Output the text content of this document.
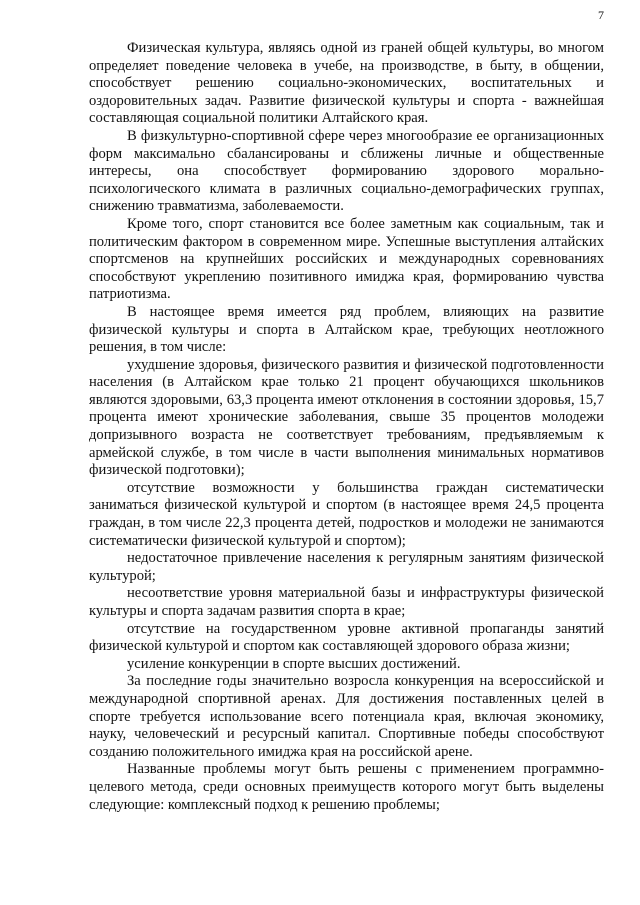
7

Физическая культура, являясь одной из граней общей культуры, во многом определяет поведение человека в учебе, на производстве, в быту, в общении, способствует решению социально-экономических, воспитательных и оздоровительных задач. Развитие физической культуры и спорта - важнейшая составляющая социальной политики Алтайского края.

В физкультурно-спортивной сфере через многообразие ее организационных форм максимально сбалансированы и сближены личные и общественные интересы, она способствует формированию здорового морально-психологического климата в различных социально-демографических группах, снижению травматизма, заболеваемости.

Кроме того, спорт становится все более заметным как социальным, так и политическим фактором в современном мире. Успешные выступления алтайских спортсменов на крупнейших российских и международных соревнованиях способствуют укреплению позитивного имиджа края, формированию чувства патриотизма.

В настоящее время имеется ряд проблем, влияющих на развитие физической культуры и спорта в Алтайском крае, требующих неотложного решения, в том числе:

ухудшение здоровья, физического развития и физической подготовленности населения (в Алтайском крае только 21 процент обучающихся школьников являются здоровыми, 63,3 процента имеют отклонения в состоянии здоровья, 15,7 процента имеют хронические заболевания, свыше 35 процентов молодежи допризывного возраста не соответствует требованиям, предъявляемым к армейской службе, в том числе в части выполнения минимальных нормативов физической подготовки);

отсутствие возможности у большинства граждан систематически заниматься физической культурой и спортом (в настоящее время 24,5 процента граждан, в том числе 22,3 процента детей, подростков и молодежи не занимаются систематически физической культурой и спортом);

недостаточное привлечение населения к регулярным занятиям физической культурой;

несоответствие уровня материальной базы и инфраструктуры физической культуры и спорта задачам развития спорта в крае;

отсутствие на государственном уровне активной пропаганды занятий физической культурой и спортом как составляющей здорового образа жизни;

усиление конкуренции в спорте высших достижений.

За последние годы значительно возросла конкуренция на всероссийской и международной спортивной аренах. Для достижения поставленных целей в спорте требуется использование всего потенциала края, включая экономику, науку, человеческий и ресурсный капитал. Спортивные победы способствуют созданию положительного имиджа края на российской арене.

Названные проблемы могут быть решены с применением программно-целевого метода, среди основных преимуществ которого могут быть выделены следующие: комплексный подход к решению проблемы;
